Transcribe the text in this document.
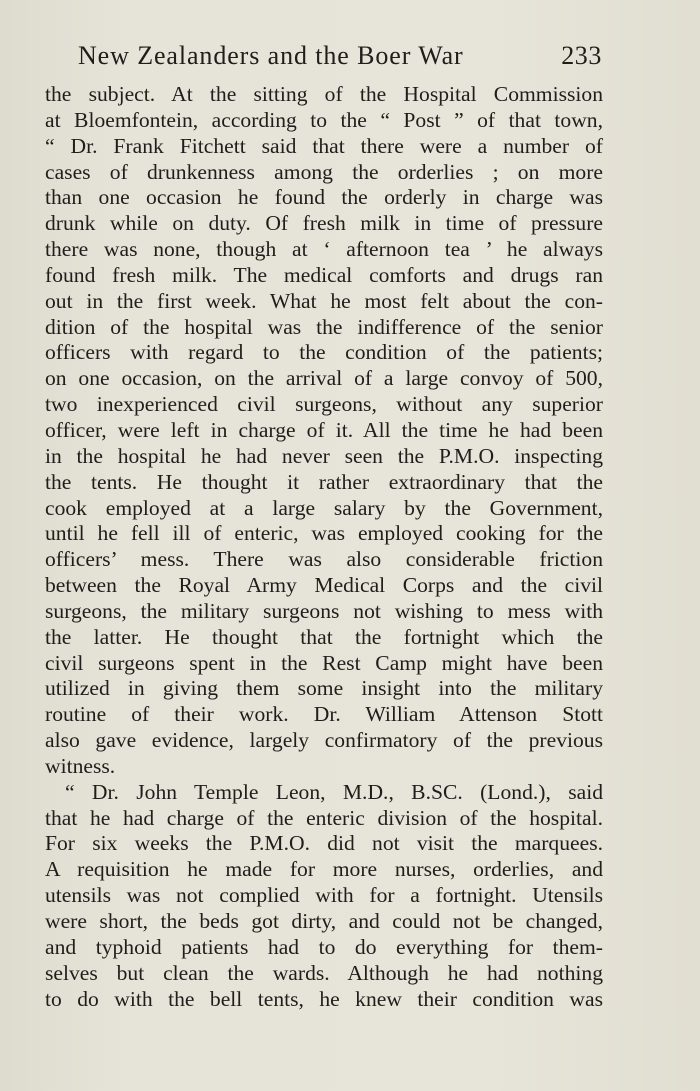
New Zealanders and the Boer War	233
the subject. At the sitting of the Hospital Commission
at Bloemfontein, according to the “ Post ” of that town,
“ Dr. Frank Fitchett said that there were a number of
cases of drunkenness among the orderlies ; on more
than one occasion he found the orderly in charge was
drunk while on duty. Of fresh milk in time of pressure
there was none, though at ‘ afternoon tea ’ he always
found fresh milk. The medical comforts and drugs ran
out in the first week. What he most felt about the con-
dition of the hospital was the indifference of the senior
officers with regard to the condition of the patients;
on one occasion, on the arrival of a large convoy of 500,
two inexperienced civil surgeons, without any superior
officer, were left in charge of it. All the time he had been
in the hospital he had never seen the P.M.O. inspecting
the tents. He thought it rather extraordinary that the
cook employed at a large salary by the Government,
until he fell ill of enteric, was employed cooking for the
officers’ mess. There was also considerable friction
between the Royal Army Medical Corps and the civil
surgeons, the military surgeons not wishing to mess with
the latter. He thought that the fortnight which the
civil surgeons spent in the Rest Camp might have been
utilized in giving them some insight into the military
routine of their work. Dr. William Attenson Stott
also gave evidence, largely confirmatory of the previous
witness.
“ Dr. John Temple Leon, M.D., B.SC. (Lond.), said
that he had charge of the enteric division of the hospital.
For six weeks the P.M.O. did not visit the marquees.
A requisition he made for more nurses, orderlies, and
utensils was not complied with for a fortnight. Utensils
were short, the beds got dirty, and could not be changed,
and typhoid patients had to do everything for them-
selves but clean the wards. Although he had nothing
to do with the bell tents, he knew their condition was
